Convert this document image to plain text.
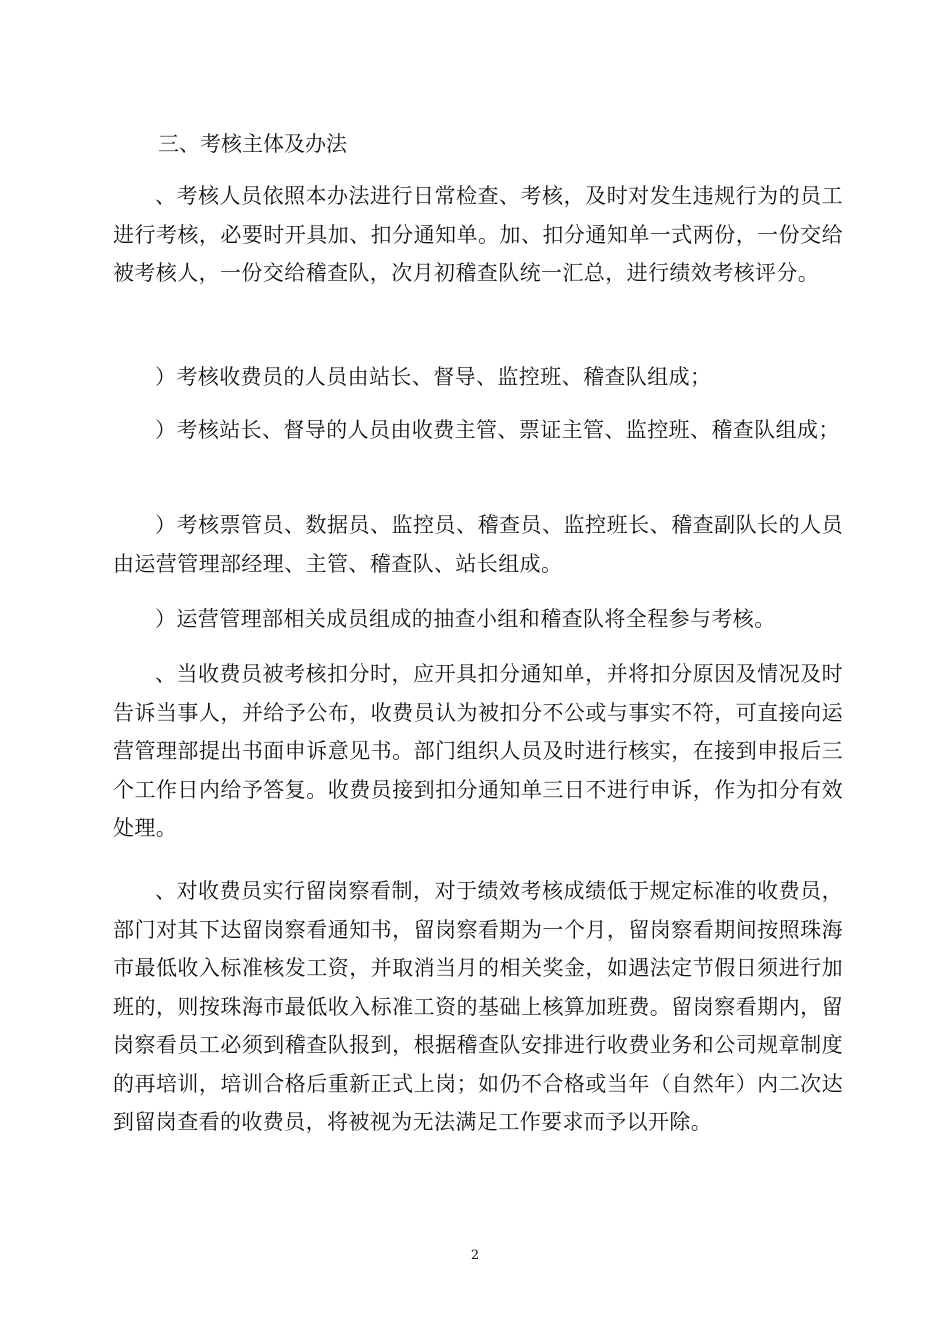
三、考核主体及办法

、考核人员依照本办法进行日常检查、考核，及时对发生违规行为的员工进行考核，必要时开具加、扣分通知单。加、扣分通知单一式两份，一份交给被考核人，一份交给稽查队，次月初稽查队统一汇总，进行绩效考核评分。

）考核收费员的人员由站长、督导、监控班、稽查队组成；

）考核站长、督导的人员由收费主管、票证主管、监控班、稽查队组成；

）考核票管员、数据员、监控员、稽查员、监控班长、稽查副队长的人员由运营管理部经理、主管、稽查队、站长组成。

）运营管理部相关成员组成的抽查小组和稽查队将全程参与考核。

、当收费员被考核扣分时，应开具扣分通知单，并将扣分原因及情况及时告诉当事人，并给予公布，收费员认为被扣分不公或与事实不符，可直接向运营管理部提出书面申诉意见书。部门组织人员及时进行核实，在接到申报后三个工作日内给予答复。收费员接到扣分通知单三日不进行申诉，作为扣分有效处理。

、对收费员实行留岗察看制，对于绩效考核成绩低于规定标准的收费员，部门对其下达留岗察看通知书，留岗察看期为一个月，留岗察看期间按照珠海市最低收入标准核发工资，并取消当月的相关奖金，如遇法定节假日须进行加班的，则按珠海市最低收入标准工资的基础上核算加班费。留岗察看期内，留岗察看员工必须到稽查队报到，根据稽查队安排进行收费业务和公司规章制度的再培训，培训合格后重新正式上岗；如仍不合格或当年（自然年）内二次达到留岗查看的收费员，将被视为无法满足工作要求而予以开除。

2
